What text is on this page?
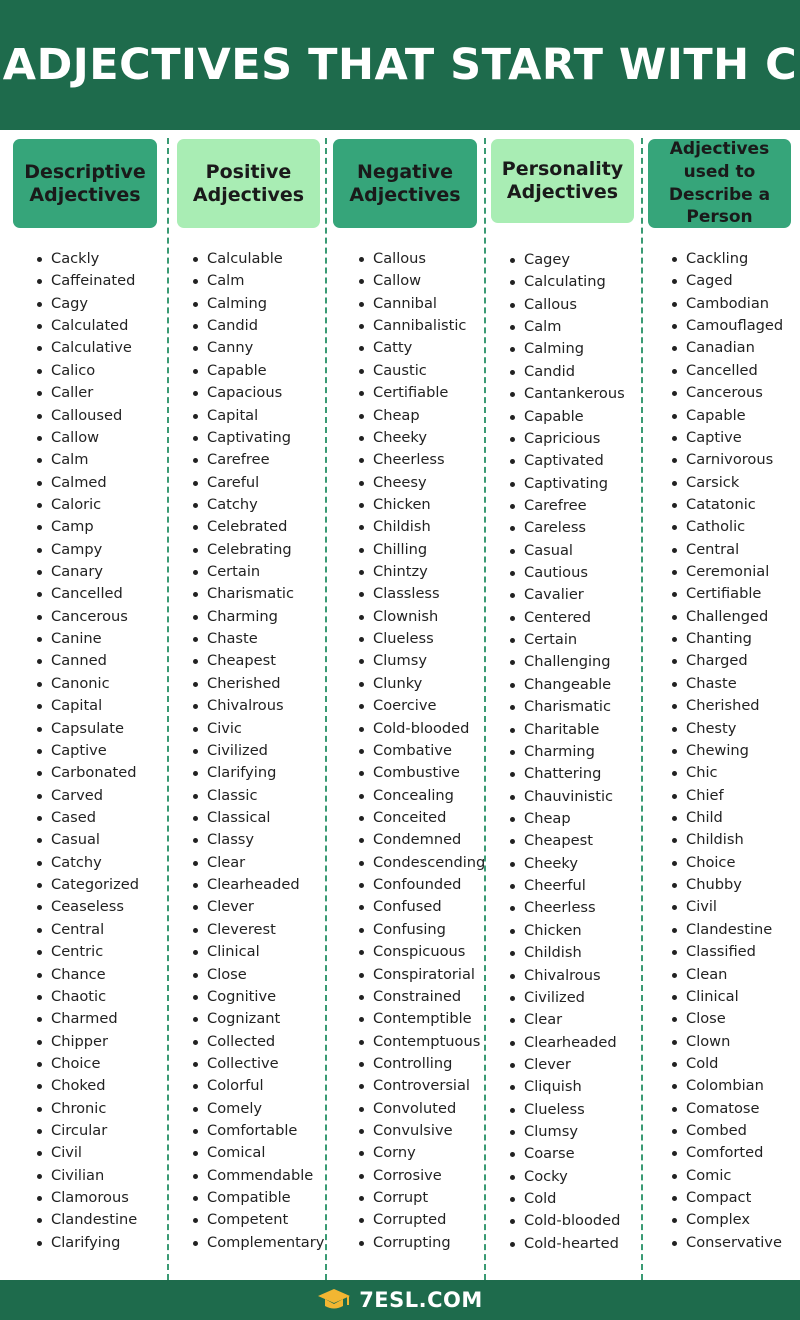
ADJECTIVES THAT START WITH C
Descriptive Adjectives
Cackly
Caffeinated
Cagy
Calculated
Calculative
Calico
Caller
Calloused
Callow
Calm
Calmed
Caloric
Camp
Campy
Canary
Cancelled
Cancerous
Canine
Canned
Canonic
Capital
Capsulate
Captive
Carbonated
Carved
Cased
Casual
Catchy
Categorized
Ceaseless
Central
Centric
Chance
Chaotic
Charmed
Chipper
Choice
Choked
Chronic
Circular
Civil
Civilian
Clamorous
Clandestine
Clarifying
Positive Adjectives
Calculable
Calm
Calming
Candid
Canny
Capable
Capacious
Capital
Captivating
Carefree
Careful
Catchy
Celebrated
Celebrating
Certain
Charismatic
Charming
Chaste
Cheapest
Cherished
Chivalrous
Civic
Civilized
Clarifying
Classic
Classical
Classy
Clear
Clearheaded
Clever
Cleverest
Clinical
Close
Cognitive
Cognizant
Collected
Collective
Colorful
Comely
Comfortable
Comical
Commendable
Compatible
Competent
Complementary
Negative Adjectives
Callous
Callow
Cannibal
Cannibalistic
Catty
Caustic
Certifiable
Cheap
Cheeky
Cheerless
Cheesy
Chicken
Childish
Chilling
Chintzy
Classless
Clownish
Clueless
Clumsy
Clunky
Coercive
Cold-blooded
Combative
Combustive
Concealing
Conceited
Condemned
Condescending
Confounded
Confused
Confusing
Conspicuous
Conspiratorial
Constrained
Contemptible
Contemptuous
Controlling
Controversial
Convoluted
Convulsive
Corny
Corrosive
Corrupt
Corrupted
Corrupting
Personality Adjectives
Cagey
Calculating
Callous
Calm
Calming
Candid
Cantankerous
Capable
Capricious
Captivated
Captivating
Carefree
Careless
Casual
Cautious
Cavalier
Centered
Certain
Challenging
Changeable
Charismatic
Charitable
Charming
Chattering
Chauvinistic
Cheap
Cheapest
Cheeky
Cheerful
Cheerless
Chicken
Childish
Chivalrous
Civilized
Clear
Clearheaded
Clever
Cliquish
Clueless
Clumsy
Coarse
Cocky
Cold
Cold-blooded
Cold-hearted
Adjectives used to Describe a Person
Cackling
Caged
Cambodian
Camouflaged
Canadian
Cancelled
Cancerous
Capable
Captive
Carnivorous
Carsick
Catatonic
Catholic
Central
Ceremonial
Certifiable
Challenged
Chanting
Charged
Chaste
Cherished
Chesty
Chewing
Chic
Chief
Child
Childish
Choice
Chubby
Civil
Clandestine
Classified
Clean
Clinical
Close
Clown
Cold
Colombian
Comatose
Combed
Comforted
Comic
Compact
Complex
Conservative
7ESL.COM
